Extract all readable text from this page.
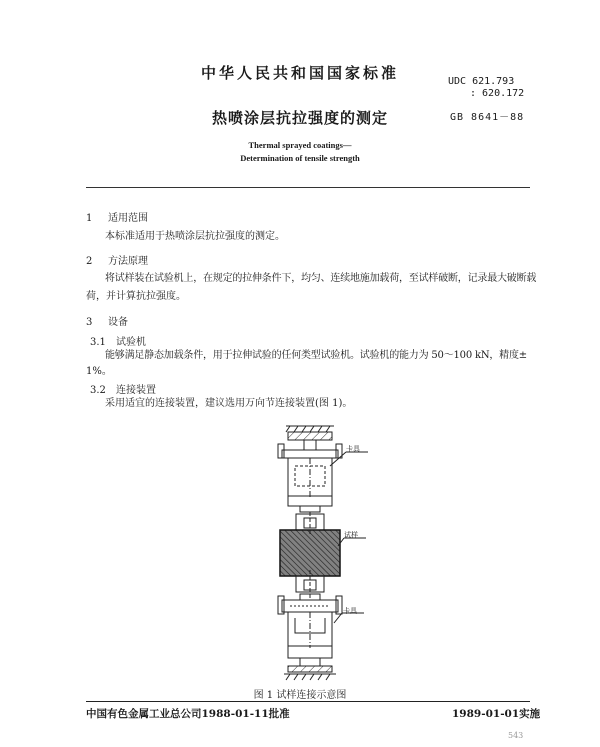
中华人民共和国国家标准	UDC 621.793
: 620.172
热喷涂层抗拉强度的测定	GB 8641－88
Thermal sprayed coatings—
Determination of tensile strength
1 适用范围
本标准适用于热喷涂层抗拉强度的测定。
2 方法原理
将试样装在试验机上，在规定的拉伸条件下，均匀、连续地施加载荷，至试样破断，记录最大破断载
荷，并计算抗拉强度。
3 设备
3.1 试验机
能够满足静态加载条件，用于拉伸试验的任何类型试验机。试验机的能力为 50～100 kN，精度±
1%。
3.2 连接装置
采用适宜的连接装置，建议选用万向节连接装置(图 1)。
卡具
试样
卡具
图 1 试样连接示意图
中国有色金属工业总公司1988-01-11批准	1989-01-01实施
543
